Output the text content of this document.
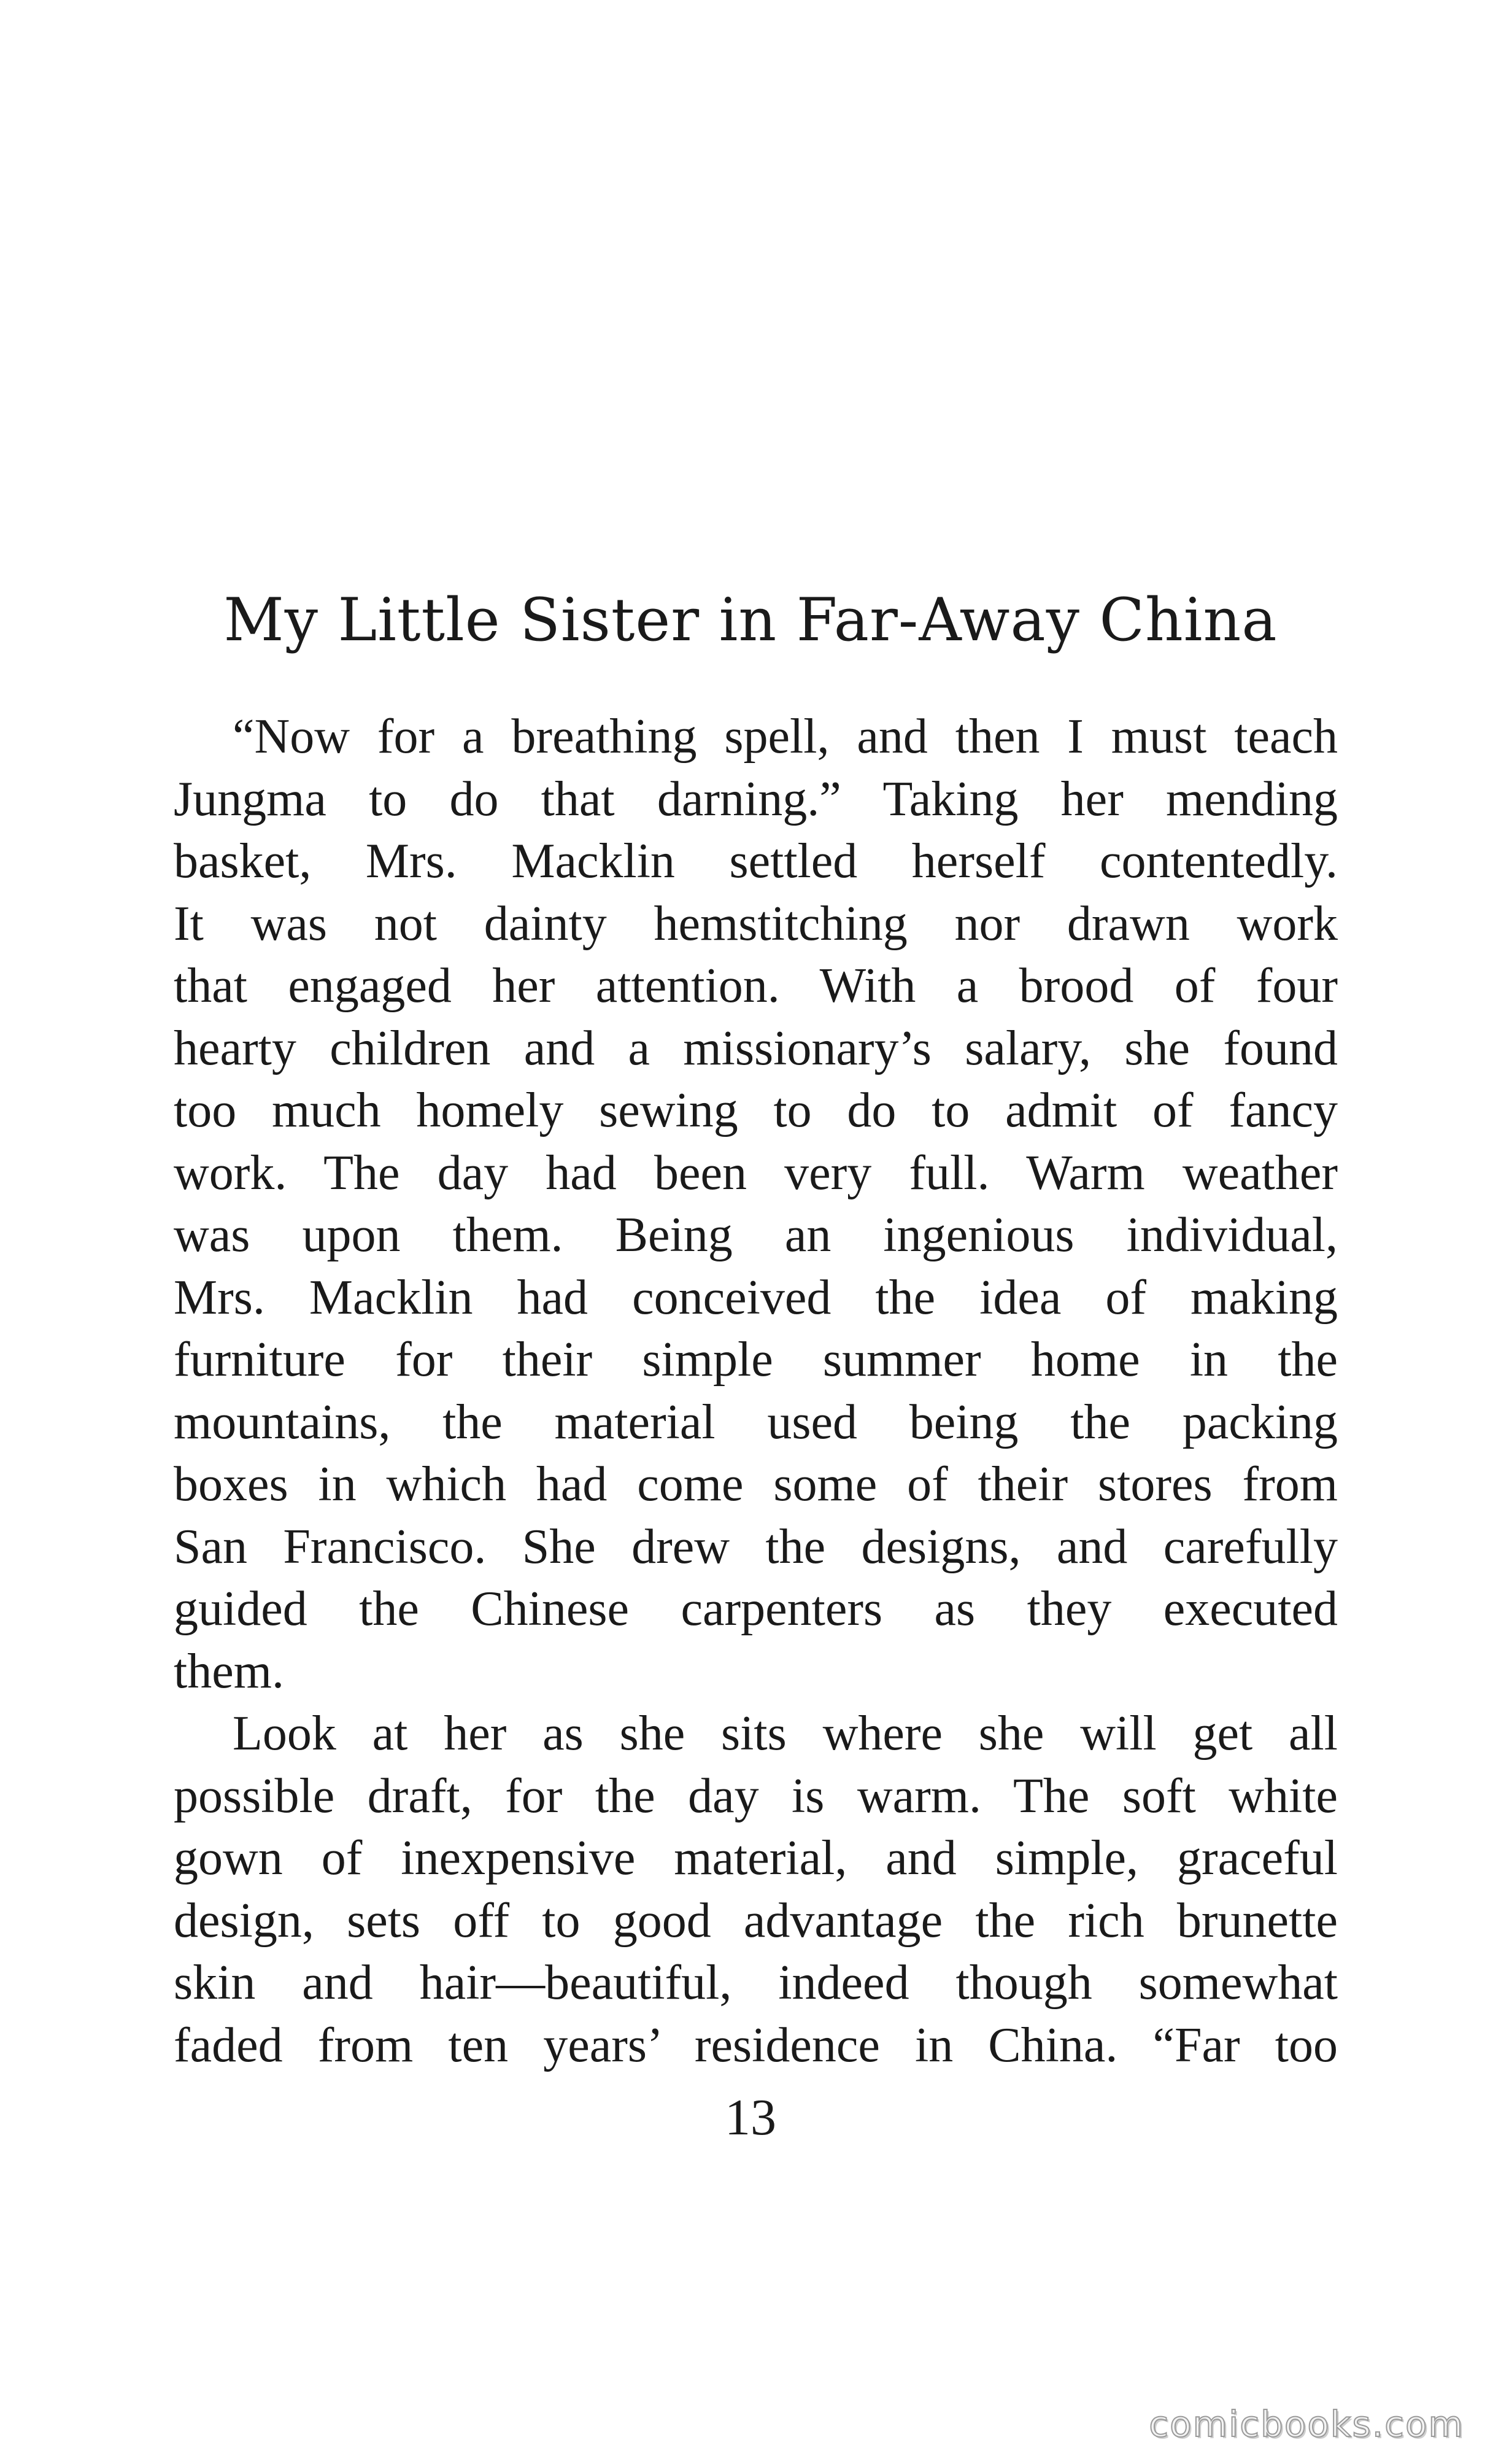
My Little Sister in Far-Away China
“Now for a breathing spell, and then I must teach
Jungma to do that darning.” Taking her mending
basket, Mrs. Macklin settled herself contentedly.
It was not dainty hemstitching nor drawn work
that engaged her attention. With a brood of four
hearty children and a missionary’s salary, she found
too much homely sewing to do to admit of fancy
work. The day had been very full. Warm weather
was upon them. Being an ingenious individual,
Mrs. Macklin had conceived the idea of making
furniture for their simple summer home in the
mountains, the material used being the packing
boxes in which had come some of their stores from
San Francisco. She drew the designs, and carefully
guided the Chinese carpenters as they executed
them.
Look at her as she sits where she will get all
possible draft, for the day is warm. The soft white
gown of inexpensive material, and simple, graceful
design, sets off to good advantage the rich brunette
skin and hair—beautiful, indeed though somewhat
faded from ten years’ residence in China. “Far too
13
comicbooks.com
